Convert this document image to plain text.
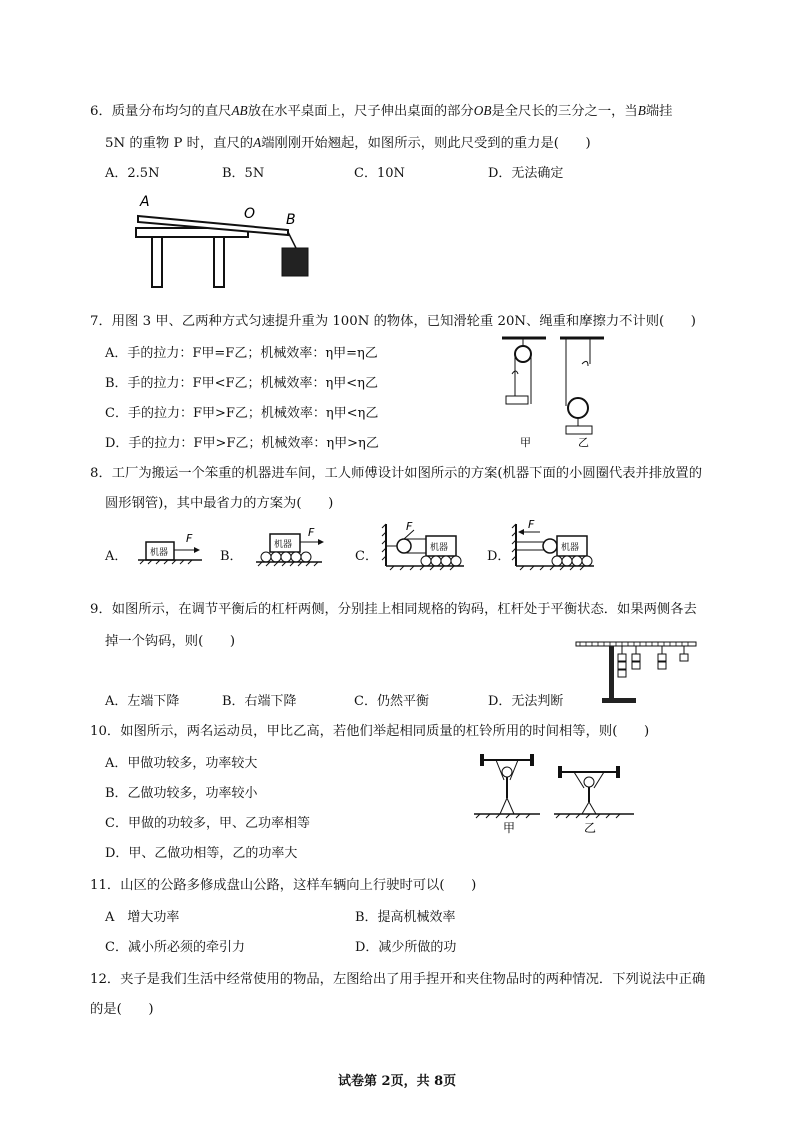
6．质量分布均匀的直尺AB放在水平桌面上，尺子伸出桌面的部分OB是全尺长的三分之一，当B端挂
5N 的重物 P 时，直尺的A端刚刚开始翘起，如图所示，则此尺受到的重力是(　　)
A．2.5N	B．5N	C．10N	D．无法确定
A
O B
7．用图 3 甲、乙两种方式匀速提升重为 100N 的物体，已知滑轮重 20N、绳重和摩擦力不计则(　　)
A．手的拉力：F甲=F乙；机械效率：η甲=η乙
B．手的拉力：F甲<F乙；机械效率：η甲<η乙
C．手的拉力：F甲>F乙；机械效率：η甲<η乙
D．手的拉力：F甲>F乙；机械效率：η甲>η乙	甲	乙
8．工厂为搬运一个笨重的机器进车间，工人师傅设计如图所示的方案(机器下面的小圆圈代表并排放置的
圆形钢管)，其中最省力的方案为(　　)
A．	机器
F
B．
机器
F
C．
机器
F
D．
机器
F
9．如图所示，在调节平衡后的杠杆两侧，分别挂上相同规格的钩码，杠杆处于平衡状态．如果两侧各去
掉一个钩码，则(　　)
A．左端下降	B．右端下降	C．仍然平衡	D．无法判断
10．如图所示，两名运动员，甲比乙高，若他们举起相同质量的杠铃所用的时间相等，则(　　)
A．甲做功较多，功率较大
B．乙做功较多，功率较小
C．甲做的功较多，甲、乙功率相等
D．甲、乙做功相等，乙的功率大
甲	乙
11．山区的公路多修成盘山公路，这样车辆向上行驶时可以(　　)
A　增大功率	B．提高机械效率
C．减小所必须的牵引力	D．减少所做的功
12．夹子是我们生活中经常使用的物品，左图给出了用手捏开和夹住物品时的两种情况．下列说法中正确
的是(　　)
试卷第 2页，共 8页
